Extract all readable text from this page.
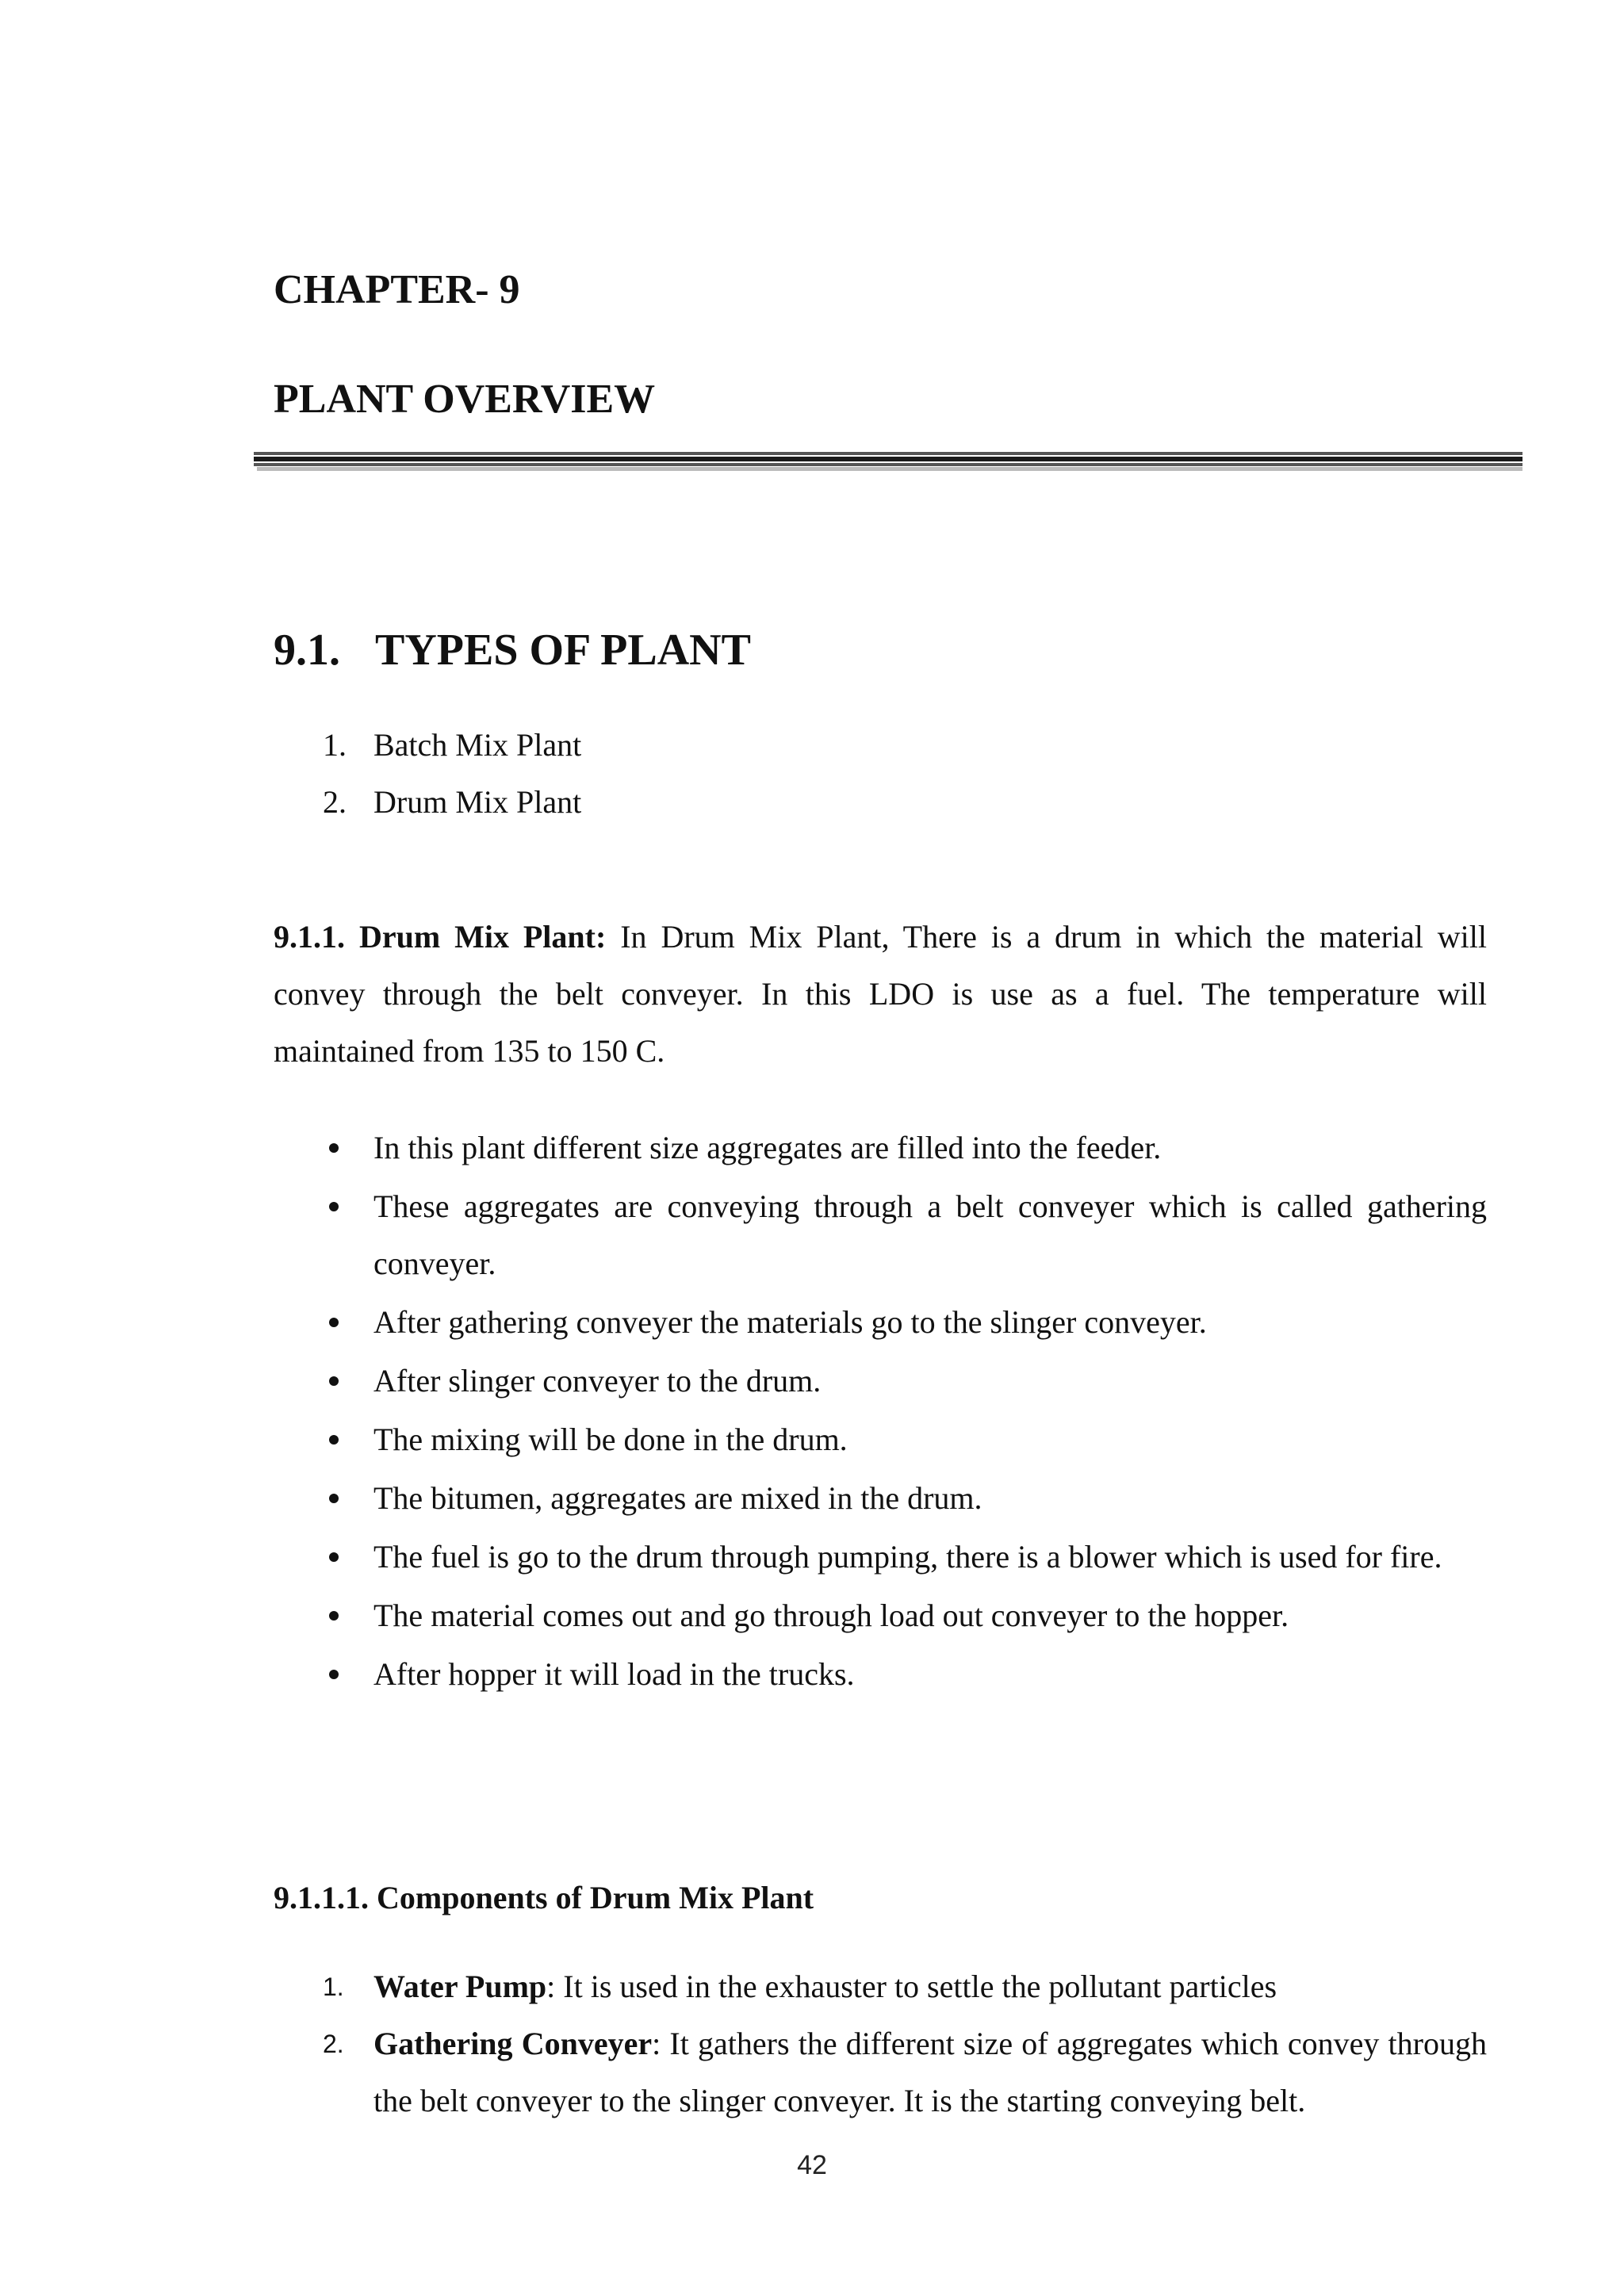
CHAPTER- 9
PLANT OVERVIEW
9.1. TYPES OF PLANT
1. Batch Mix Plant
2. Drum Mix Plant

9.1.1. Drum Mix Plant: In Drum Mix Plant, There is a drum in which the material will convey through the belt conveyer. In this LDO is use as a fuel. The temperature will maintained from 135 to 150 C.

In this plant different size aggregates are filled into the feeder.
These aggregates are conveying through a belt conveyer which is called gathering conveyer.
After gathering conveyer the materials go to the slinger conveyer.
After slinger conveyer to the drum.
The mixing will be done in the drum.
The bitumen, aggregates are mixed in the drum.
The fuel is go to the drum through pumping, there is a blower which is used for fire.
The material comes out and go through load out conveyer to the hopper.
After hopper it will load in the trucks.
9.1.1.1. Components of Drum Mix Plant
1. Water Pump: It is used in the exhauster to settle the pollutant particles
2. Gathering Conveyer: It gathers the different size of aggregates which convey through the belt conveyer to the slinger conveyer. It is the starting conveying belt.
42
